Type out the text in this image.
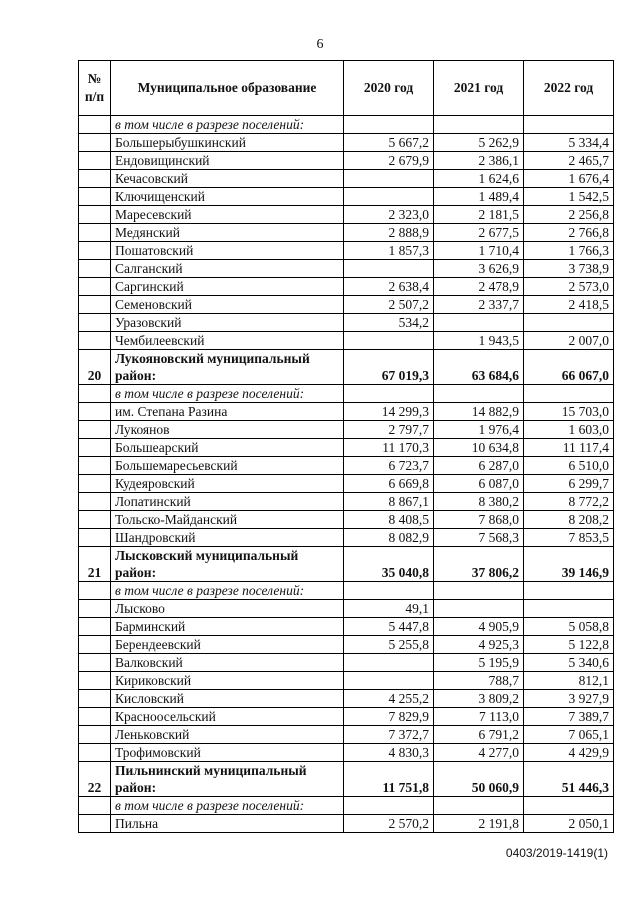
6
№ п/п	Муниципальное образование	2020 год	2021 год	2022 год
	в том числе в разрезе поселений:			
	Большерыбушкинский	5 667,2	5 262,9	5 334,4
	Ендовищинский	2 679,9	2 386,1	2 465,7
	Кечасовский		1 624,6	1 676,4
	Ключищенский		1 489,4	1 542,5
	Маресевский	2 323,0	2 181,5	2 256,8
	Медянский	2 888,9	2 677,5	2 766,8
	Пошатовский	1 857,3	1 710,4	1 766,3
	Салганский		3 626,9	3 738,9
	Саргинский	2 638,4	2 478,9	2 573,0
	Семеновский	2 507,2	2 337,7	2 418,5
	Уразовский	534,2		
	Чембилеевский		1 943,5	2 007,0
20	Лукояновский муниципальный район:	67 019,3	63 684,6	66 067,0
	в том числе в разрезе поселений:			
	им. Степана Разина	14 299,3	14 882,9	15 703,0
	Лукоянов	2 797,7	1 976,4	1 603,0
	Большеарский	11 170,3	10 634,8	11 117,4
	Большемаресьевский	6 723,7	6 287,0	6 510,0
	Кудеяровский	6 669,8	6 087,0	6 299,7
	Лопатинский	8 867,1	8 380,2	8 772,2
	Тольско-Майданский	8 408,5	7 868,0	8 208,2
	Шандровский	8 082,9	7 568,3	7 853,5
21	Лысковский муниципальный район:	35 040,8	37 806,2	39 146,9
	в том числе в разрезе поселений:			
	Лысково	49,1		
	Барминский	5 447,8	4 905,9	5 058,8
	Берендеевский	5 255,8	4 925,3	5 122,8
	Валковский		5 195,9	5 340,6
	Кириковский		788,7	812,1
	Кисловский	4 255,2	3 809,2	3 927,9
	Красноосельский	7 829,9	7 113,0	7 389,7
	Леньковский	7 372,7	6 791,2	7 065,1
	Трофимовский	4 830,3	4 277,0	4 429,9
22	Пильнинский муниципальный район:	11 751,8	50 060,9	51 446,3
	в том числе в разрезе поселений:			
	Пильна	2 570,2	2 191,8	2 050,1
0403/2019-1419(1)
